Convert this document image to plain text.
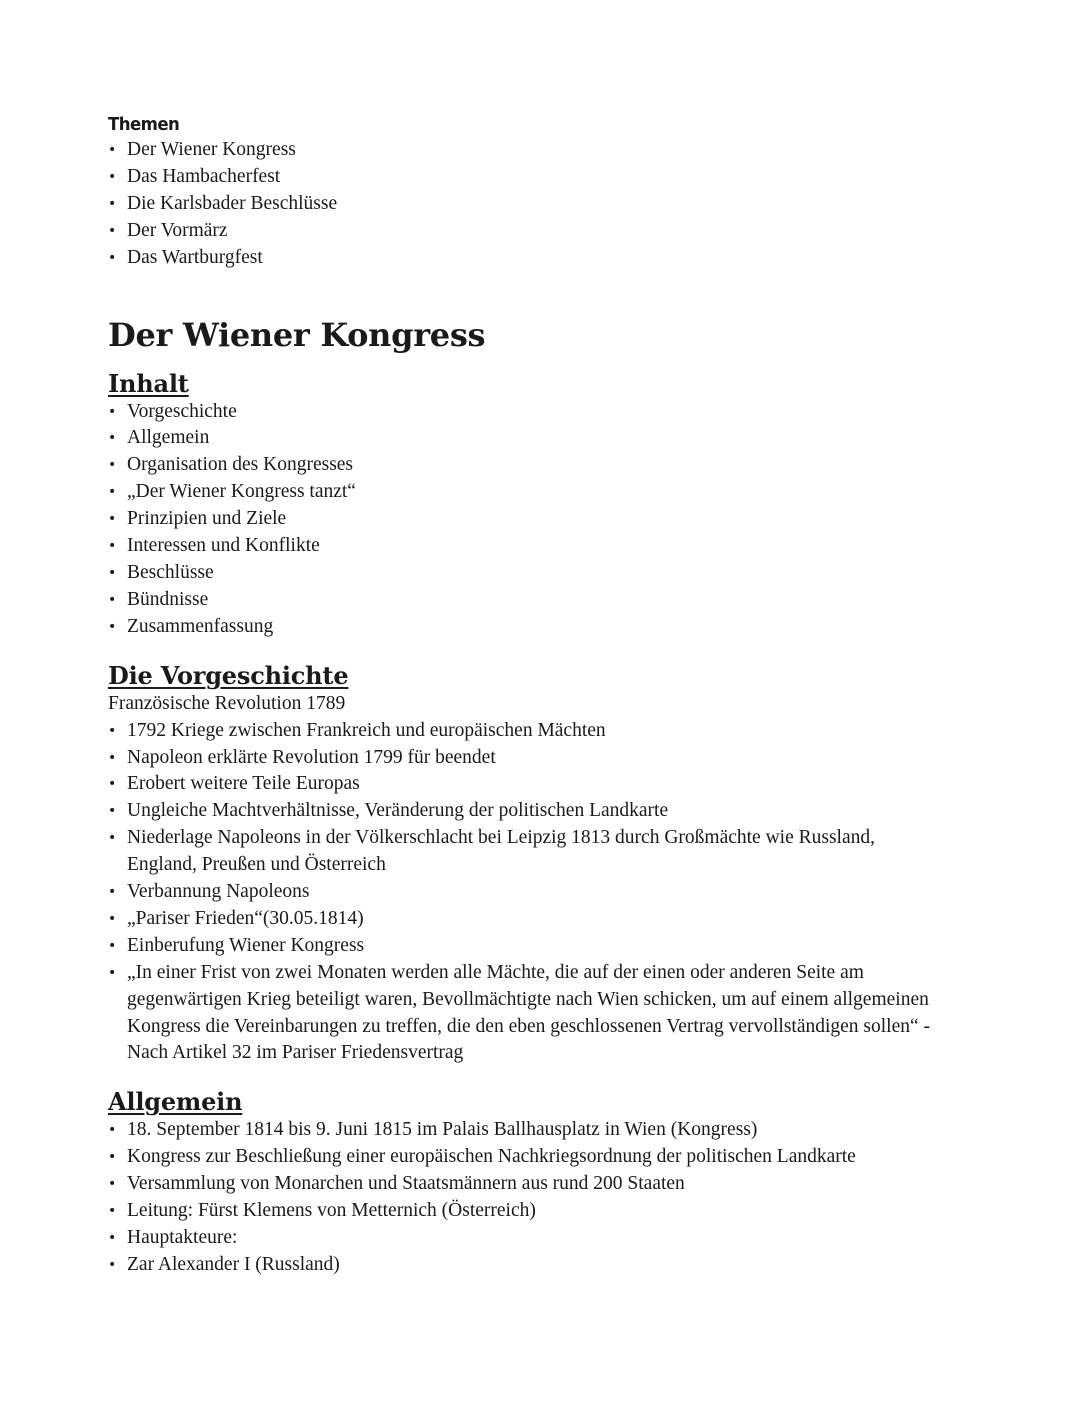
Themen
• Der Wiener Kongress
• Das Hambacherfest
• Die Karlsbader Beschlüsse
• Der Vormärz
• Das Wartburgfest
Der Wiener Kongress
Inhalt
• Vorgeschichte
• Allgemein
• Organisation des Kongresses
• „Der Wiener Kongress tanzt“
• Prinzipien und Ziele
• Interessen und Konflikte
• Beschlüsse
• Bündnisse
• Zusammenfassung
Die Vorgeschichte

Französische Revolution 1789

• 1792 Kriege zwischen Frankreich und europäischen Mächten
• Napoleon erklärte Revolution 1799 für beendet
• Erobert weitere Teile Europas
• Ungleiche Machtverhältnisse, Veränderung der politischen Landkarte
• Niederlage Napoleons in der Völkerschlacht bei Leipzig 1813 durch Großmächte wie Russland, England, Preußen und Österreich
• Verbannung Napoleons
• „Pariser Frieden“(30.05.1814)
• Einberufung Wiener Kongress
• „In einer Frist von zwei Monaten werden alle Mächte, die auf der einen oder anderen Seite am gegenwärtigen Krieg beteiligt waren, Bevollmächtigte nach Wien schicken, um auf einem allgemeinen Kongress die Vereinbarungen zu treffen, die den eben geschlossenen Vertrag vervollständigen sollen“ - Nach Artikel 32 im Pariser Friedensvertrag
Allgemein
• 18. September 1814 bis 9. Juni 1815 im Palais Ballhausplatz in Wien (Kongress)
• Kongress zur Beschließung einer europäischen Nachkriegsordnung der politischen Landkarte
• Versammlung von Monarchen und Staatsmännern aus rund 200 Staaten
• Leitung: Fürst Klemens von Metternich (Österreich)
• Hauptakteure:
• Zar Alexander I (Russland)
